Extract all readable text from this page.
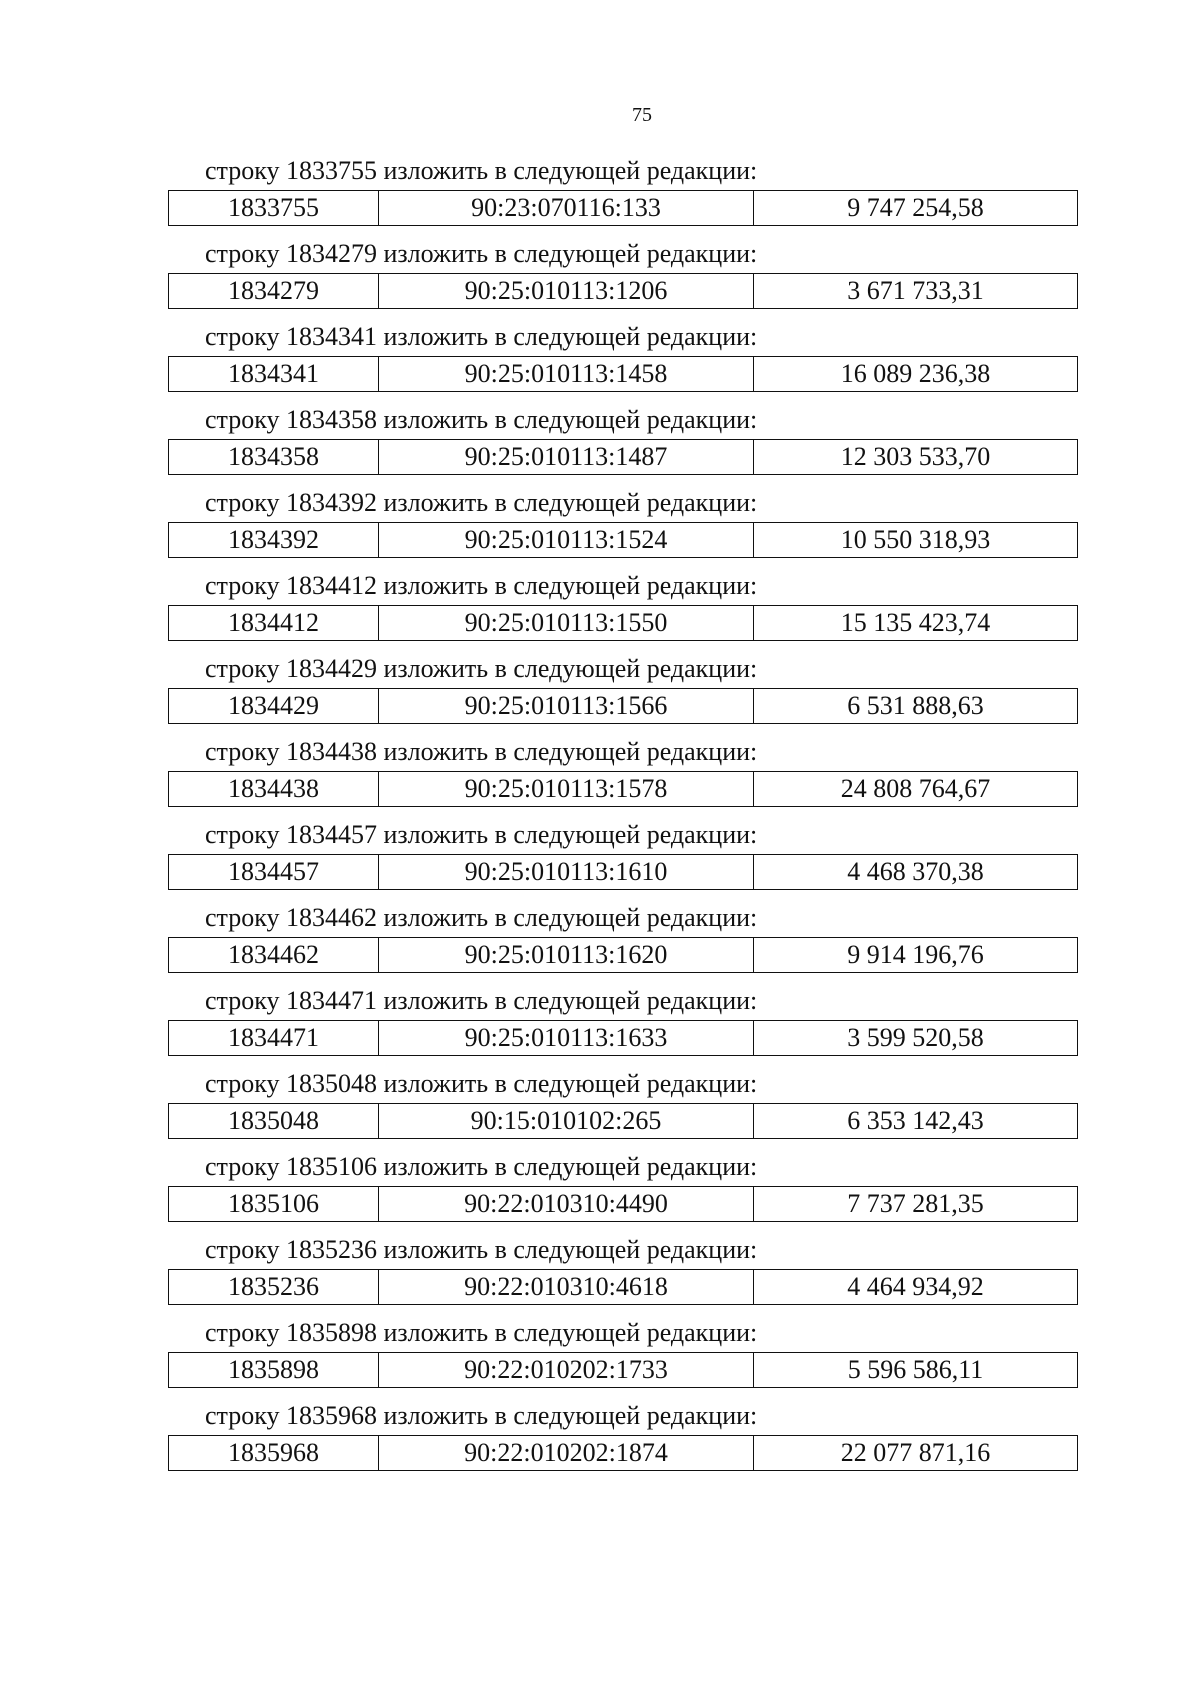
75
строку 1833755 изложить в следующей редакции:
1833755	90:23:070116:133	9 747 254,58
строку 1834279 изложить в следующей редакции:
1834279	90:25:010113:1206	3 671 733,31
строку 1834341 изложить в следующей редакции:
1834341	90:25:010113:1458	16 089 236,38
строку 1834358 изложить в следующей редакции:
1834358	90:25:010113:1487	12 303 533,70
строку 1834392 изложить в следующей редакции:
1834392	90:25:010113:1524	10 550 318,93
строку 1834412 изложить в следующей редакции:
1834412	90:25:010113:1550	15 135 423,74
строку 1834429 изложить в следующей редакции:
1834429	90:25:010113:1566	6 531 888,63
строку 1834438 изложить в следующей редакции:
1834438	90:25:010113:1578	24 808 764,67
строку 1834457 изложить в следующей редакции:
1834457	90:25:010113:1610	4 468 370,38
строку 1834462 изложить в следующей редакции:
1834462	90:25:010113:1620	9 914 196,76
строку 1834471 изложить в следующей редакции:
1834471	90:25:010113:1633	3 599 520,58
строку 1835048 изложить в следующей редакции:
1835048	90:15:010102:265	6 353 142,43
строку 1835106 изложить в следующей редакции:
1835106	90:22:010310:4490	7 737 281,35
строку 1835236 изложить в следующей редакции:
1835236	90:22:010310:4618	4 464 934,92
строку 1835898 изложить в следующей редакции:
1835898	90:22:010202:1733	5 596 586,11
строку 1835968 изложить в следующей редакции:
1835968	90:22:010202:1874	22 077 871,16
